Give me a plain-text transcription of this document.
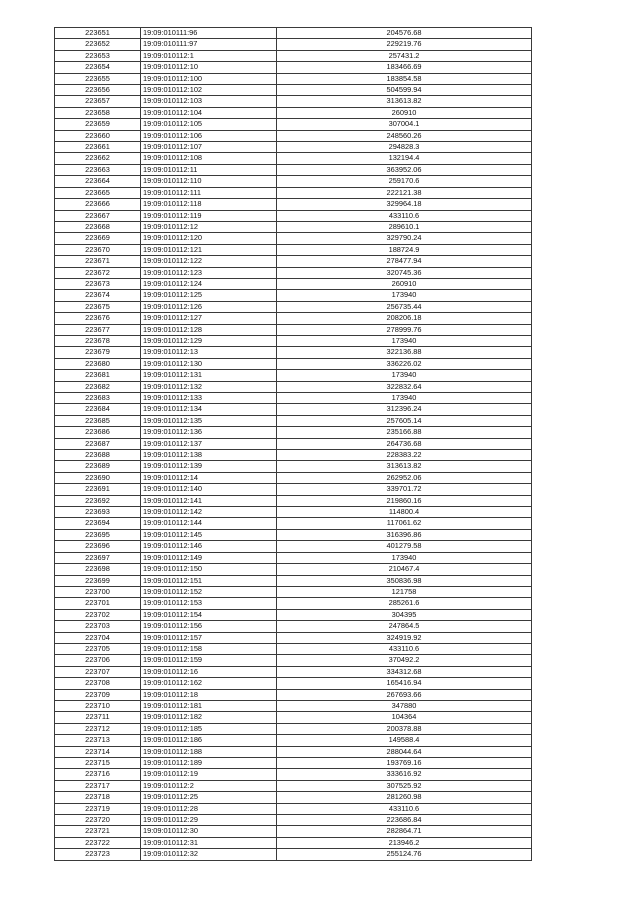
223651	19:09:010111:96	204576.68
223652	19:09:010111:97	229219.76
223653	19:09:010112:1	257431.2
223654	19:09:010112:10	183466.69
223655	19:09:010112:100	183854.58
223656	19:09:010112:102	504599.94
223657	19:09:010112:103	313613.82
223658	19:09:010112:104	260910
223659	19:09:010112:105	307004.1
223660	19:09:010112:106	248560.26
223661	19:09:010112:107	294828.3
223662	19:09:010112:108	132194.4
223663	19:09:010112:11	363952.06
223664	19:09:010112:110	259170.6
223665	19:09:010112:111	222121.38
223666	19:09:010112:118	329964.18
223667	19:09:010112:119	433110.6
223668	19:09:010112:12	289610.1
223669	19:09:010112:120	329790.24
223670	19:09:010112:121	188724.9
223671	19:09:010112:122	278477.94
223672	19:09:010112:123	320745.36
223673	19:09:010112:124	260910
223674	19:09:010112:125	173940
223675	19:09:010112:126	256735.44
223676	19:09:010112:127	208206.18
223677	19:09:010112:128	278999.76
223678	19:09:010112:129	173940
223679	19:09:010112:13	322136.88
223680	19:09:010112:130	336226.02
223681	19:09:010112:131	173940
223682	19:09:010112:132	322832.64
223683	19:09:010112:133	173940
223684	19:09:010112:134	312396.24
223685	19:09:010112:135	257605.14
223686	19:09:010112:136	235166.88
223687	19:09:010112:137	264736.68
223688	19:09:010112:138	228383.22
223689	19:09:010112:139	313613.82
223690	19:09:010112:14	262952.06
223691	19:09:010112:140	339701.72
223692	19:09:010112:141	219860.16
223693	19:09:010112:142	114800.4
223694	19:09:010112:144	117061.62
223695	19:09:010112:145	316396.86
223696	19:09:010112:146	401279.58
223697	19:09:010112:149	173940
223698	19:09:010112:150	210467.4
223699	19:09:010112:151	350836.98
223700	19:09:010112:152	121758
223701	19:09:010112:153	285261.6
223702	19:09:010112:154	304395
223703	19:09:010112:156	247864.5
223704	19:09:010112:157	324919.92
223705	19:09:010112:158	433110.6
223706	19:09:010112:159	370492.2
223707	19:09:010112:16	334312.68
223708	19:09:010112:162	165416.94
223709	19:09:010112:18	267693.66
223710	19:09:010112:181	347880
223711	19:09:010112:182	104364
223712	19:09:010112:185	200378.88
223713	19:09:010112:186	149588.4
223714	19:09:010112:188	288044.64
223715	19:09:010112:189	193769.16
223716	19:09:010112:19	333616.92
223717	19:09:010112:2	307525.92
223718	19:09:010112:25	281260.98
223719	19:09:010112:28	433110.6
223720	19:09:010112:29	223686.84
223721	19:09:010112:30	282864.71
223722	19:09:010112:31	213946.2
223723	19:09:010112:32	255124.76
